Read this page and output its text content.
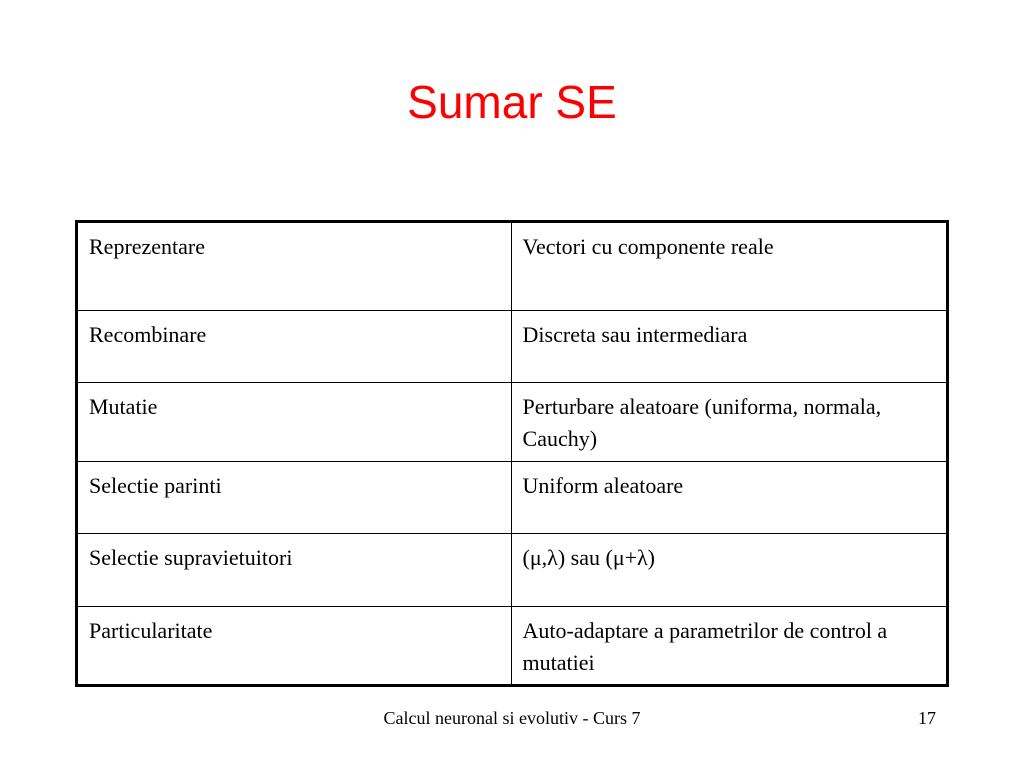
Sumar SE
Reprezentare	Vectori cu componente reale
Recombinare	Discreta sau intermediara
Mutatie	Perturbare aleatoare (uniforma, normala, Cauchy)
Selectie parinti	Uniform aleatoare
Selectie supravietuitori	(μ,λ) sau (μ+λ)
Particularitate	Auto-adaptare a parametrilor de control a mutatiei
Calcul neuronal si evolutiv - Curs 7	17
